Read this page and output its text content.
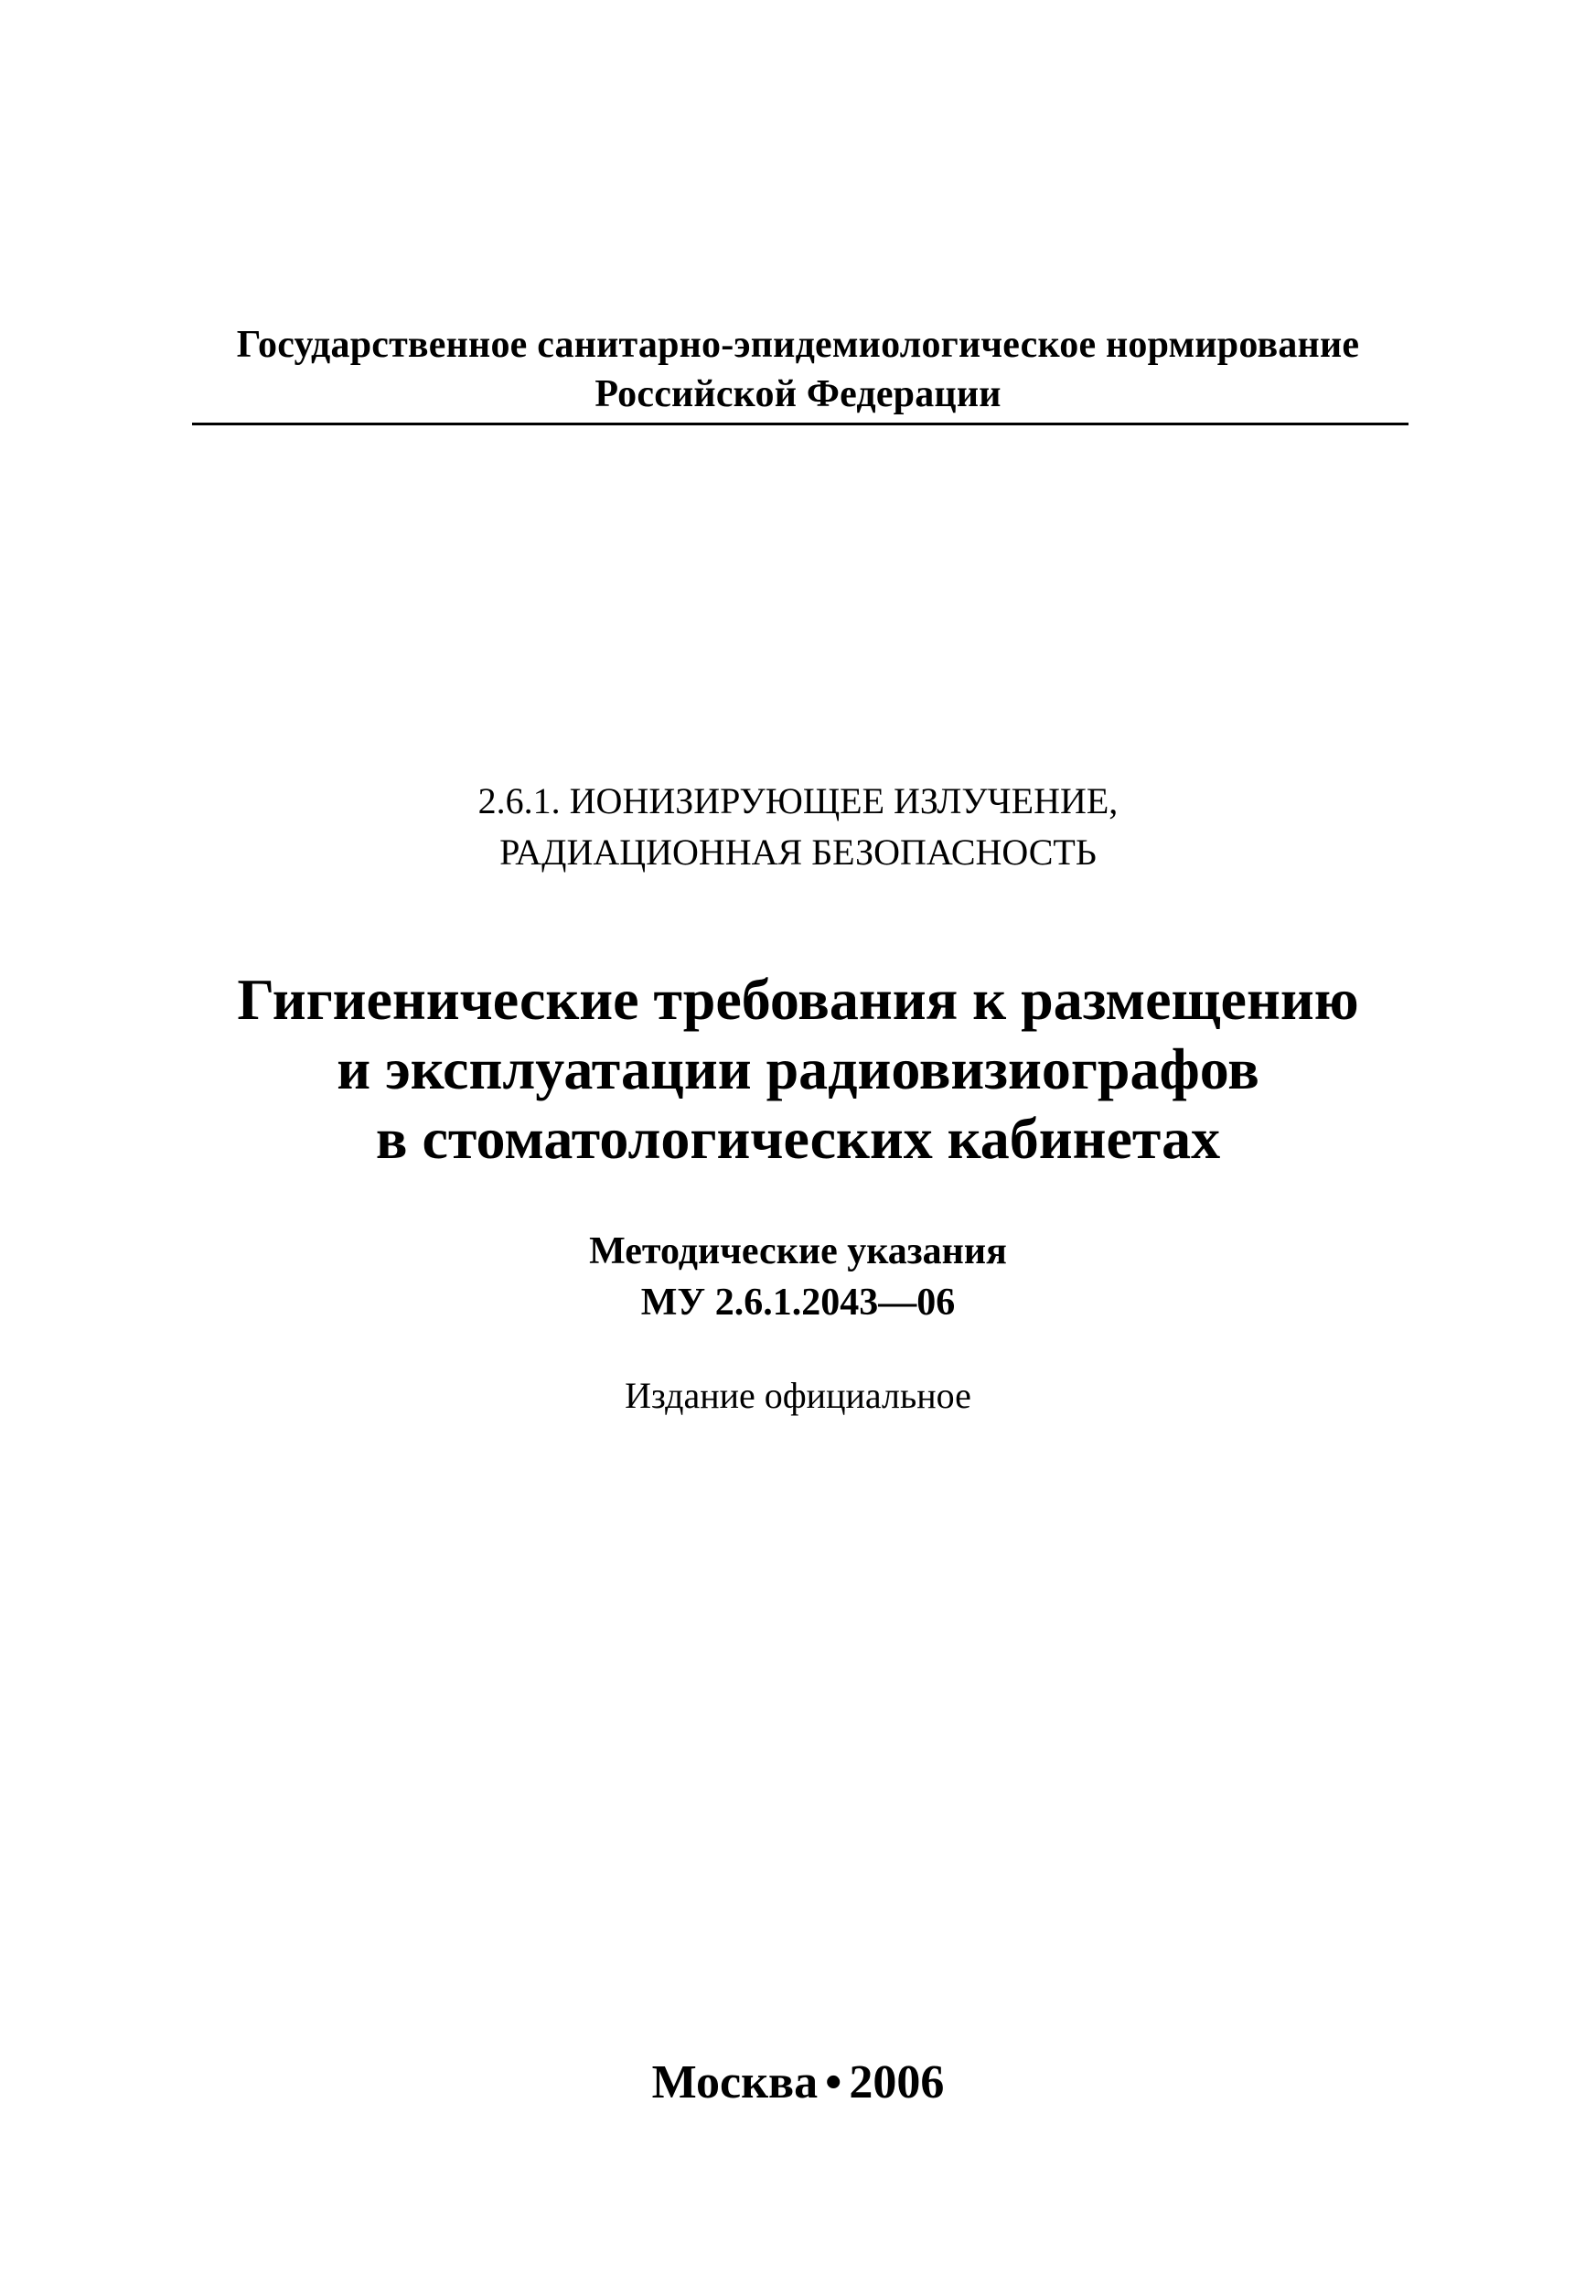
Государственное санитарно-эпидемиологическое нормирование
Российской Федерации
2.6.1. ИОНИЗИРУЮЩЕЕ ИЗЛУЧЕНИЕ,
РАДИАЦИОННАЯ БЕЗОПАСНОСТЬ
Гигиенические требования к размещению
и эксплуатации радиовизиографов
в стоматологических кабинетах
Методические указания
МУ 2.6.1.2043—06
Издание официальное
Москва • 2006
